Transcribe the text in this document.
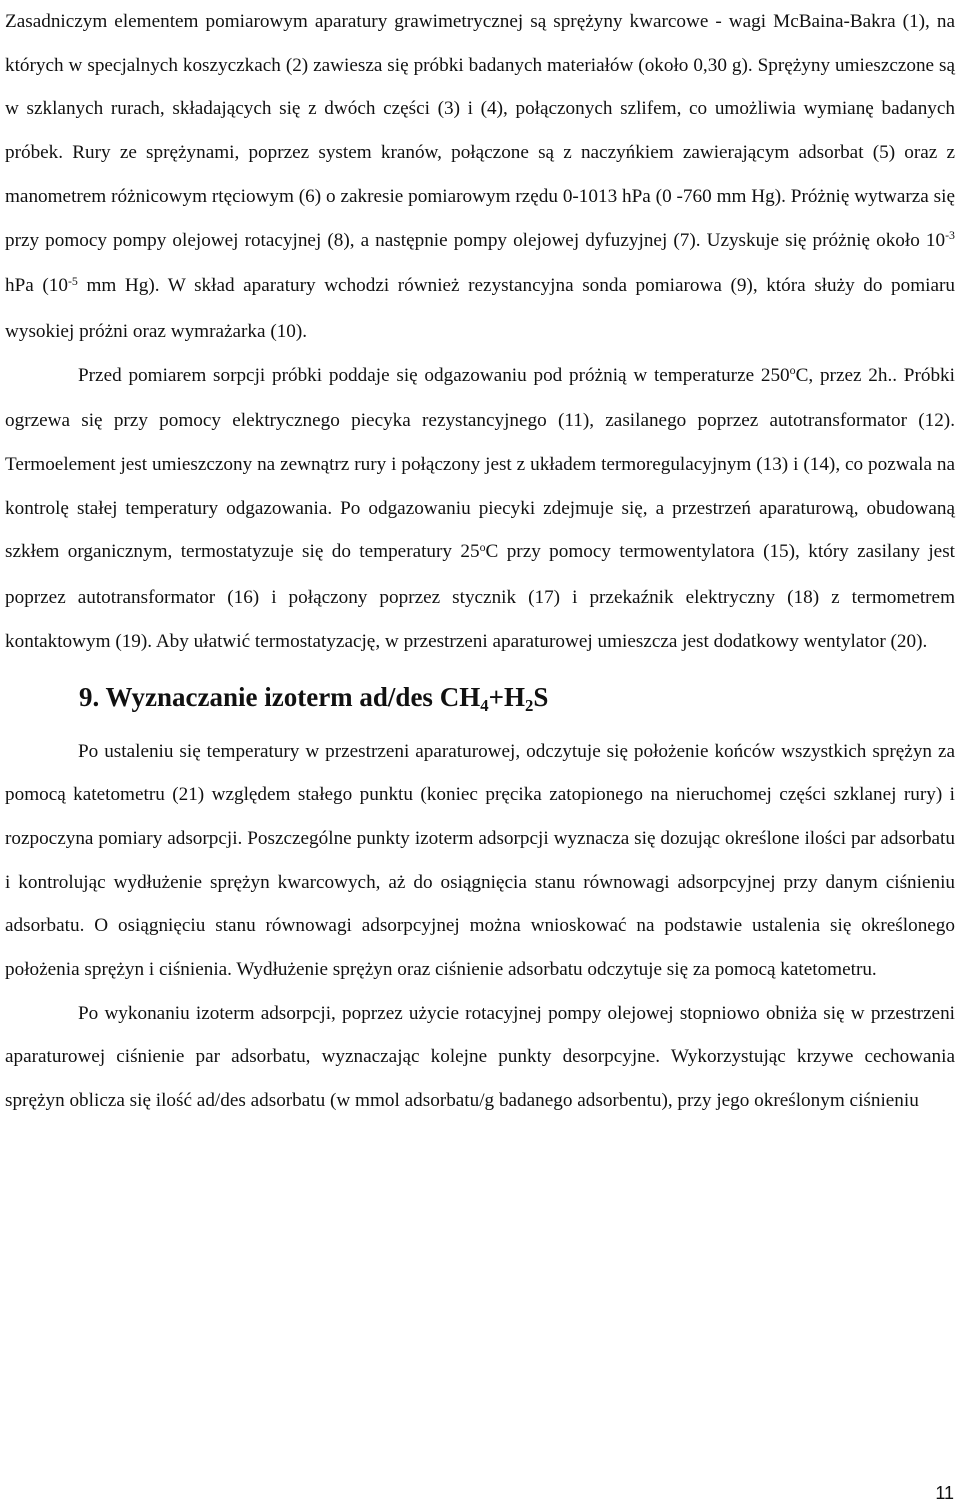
Zasadniczym elementem pomiarowym aparatury grawimetrycznej są sprężyny kwarcowe - wagi McBaina-Bakra (1), na których w specjalnych koszyczkach (2) zawiesza się próbki badanych materiałów (około 0,30 g). Sprężyny umieszczone są w szklanych rurach, składających się z dwóch części (3) i (4), połączonych szlifem, co umożliwia wymianę badanych próbek. Rury ze sprężynami, poprzez system kranów, połączone są z naczyńkiem zawierającym adsorbat (5) oraz z manometrem różnicowym rtęciowym (6) o zakresie pomiarowym rzędu 0-1013 hPa (0 -760 mm Hg). Próżnię wytwarza się przy pomocy pompy olejowej rotacyjnej (8), a następnie pompy olejowej dyfuzyjnej (7). Uzyskuje się próżnię około $10^{-3}$ hPa ($10^{-5}$ mm Hg). W skład aparatury wchodzi również rezystancyjna sonda pomiarowa (9), która służy do pomiaru wysokiej próżni oraz wymrażarka (10).

Przed pomiarem sorpcji próbki poddaje się odgazowaniu pod próżnią w temperaturze 250$^o$C, przez 2h.. Próbki ogrzewa się przy pomocy elektrycznego piecyka rezystancyjnego (11), zasilanego poprzez autotransformator (12). Termoelement jest umieszczony na zewnątrz rury i połączony jest z układem termoregulacyjnym (13) i (14), co pozwala na kontrolę stałej temperatury odgazowania. Po odgazowaniu piecyki zdejmuje się, a przestrzeń aparaturową, obudowaną szkłem organicznym, termostatyzuje się do temperatury 25$^o$C przy pomocy termowentylatora (15), który zasilany jest poprzez autotransformator (16) i połączony poprzez stycznik (17) i przekaźnik elektryczny (18) z termometrem kontaktowym (19). Aby ułatwić termostatyzację, w przestrzeni aparaturowej umieszcza jest dodatkowy wentylator (20).

9. Wyznaczanie izoterm ad/des CH4+H2S

Po ustaleniu się temperatury w przestrzeni aparaturowej, odczytuje się położenie końców wszystkich sprężyn za pomocą katetometru (21) względem stałego punktu (koniec pręcika zatopionego na nieruchomej części szklanej rury) i rozpoczyna pomiary adsorpcji. Poszczególne punkty izoterm adsorpcji wyznacza się dozując określone ilości par adsorbatu i kontrolując wydłużenie sprężyn kwarcowych, aż do osiągnięcia stanu równowagi adsorpcyjnej przy danym ciśnieniu adsorbatu. O osiągnięciu stanu równowagi adsorpcyjnej można wnioskować na podstawie ustalenia się określonego położenia sprężyn i ciśnienia. Wydłużenie sprężyn oraz ciśnienie adsorbatu odczytuje się za pomocą katetometru.

Po wykonaniu izoterm adsorpcji, poprzez użycie rotacyjnej pompy olejowej stopniowo obniża się w przestrzeni aparaturowej ciśnienie par adsorbatu, wyznaczając kolejne punkty desorpcyjne. Wykorzystując krzywe cechowania sprężyn oblicza się ilość ad/des adsorbatu (w mmol adsorbatu/g badanego adsorbentu), przy jego określonym ciśnieniu

11
